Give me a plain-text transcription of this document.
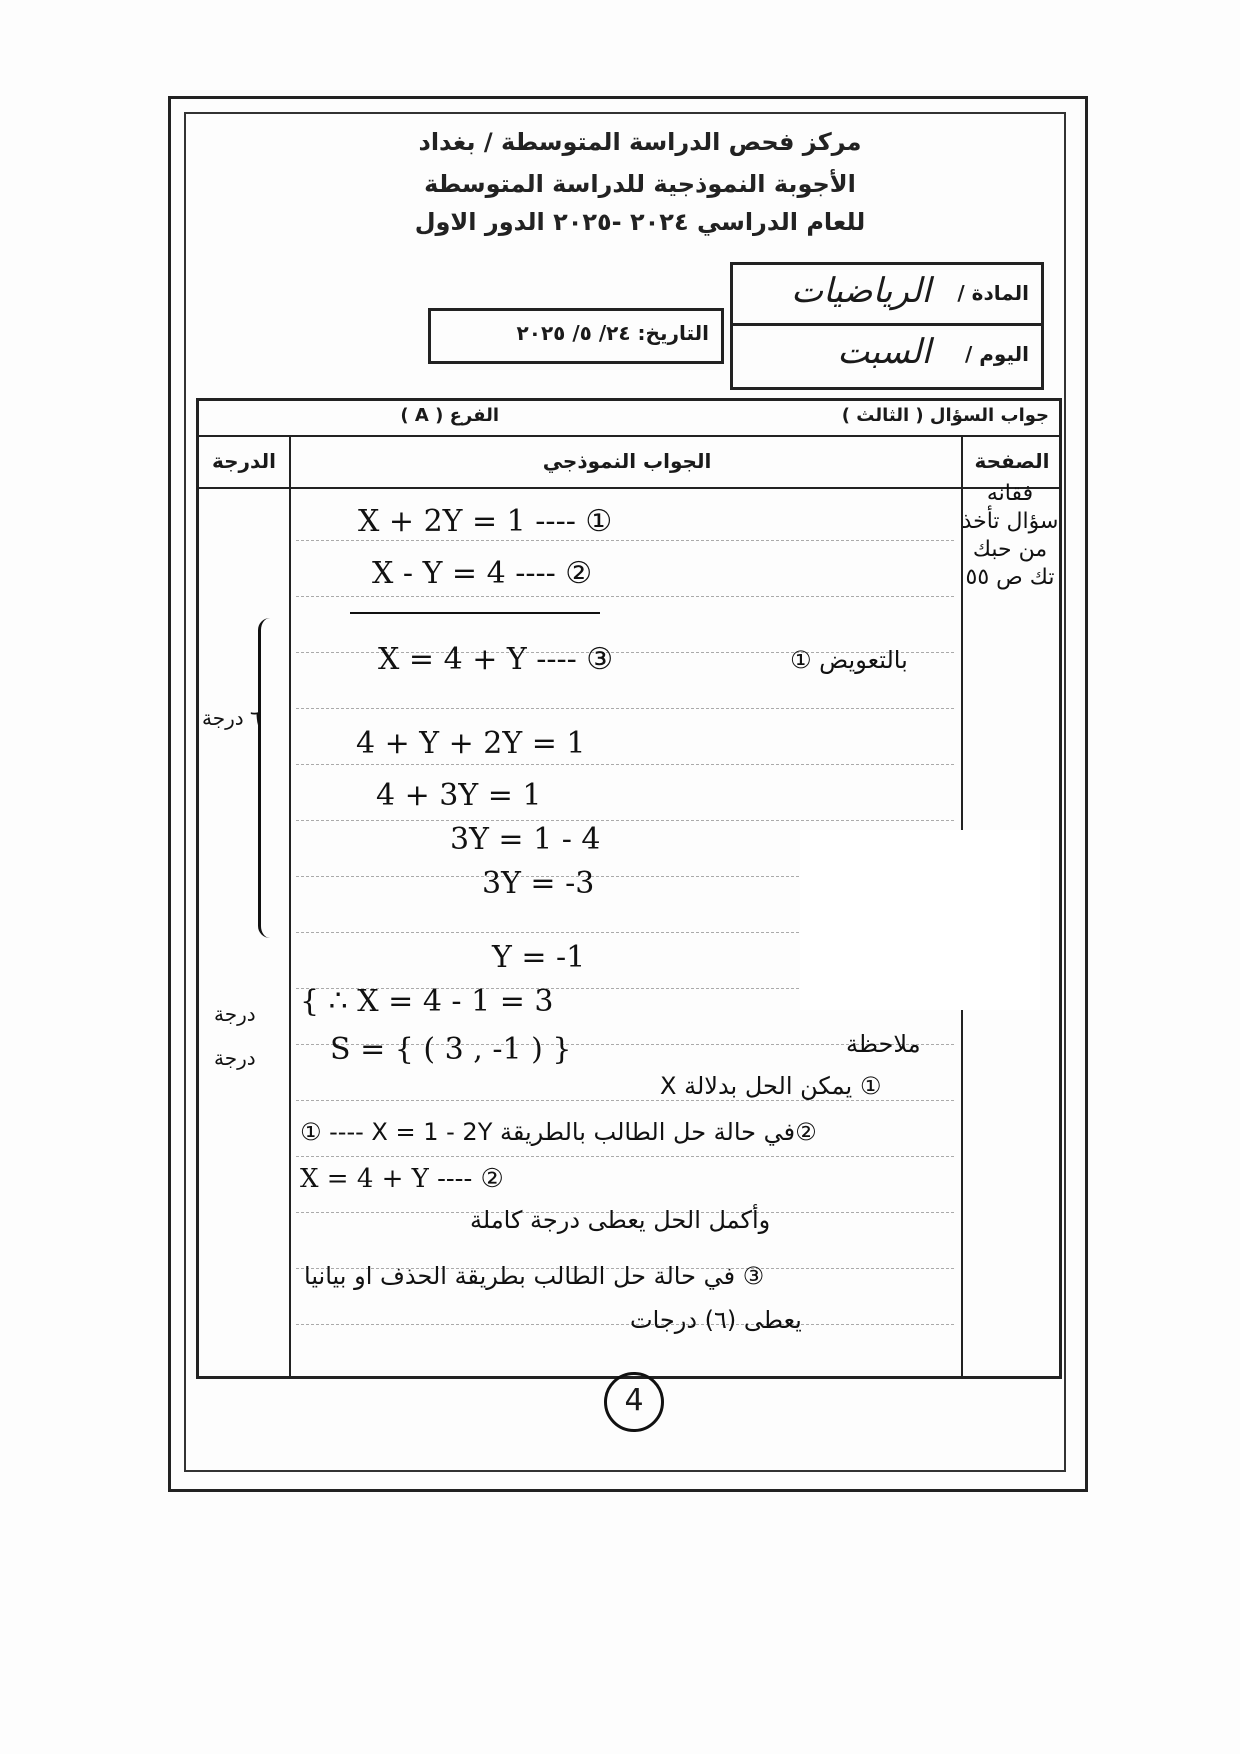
مركز فحص الدراسة المتوسطة / بغداد
الأجوبة النموذجية للدراسة المتوسطة
للعام الدراسي ٢٠٢٤ -٢٠٢٥ الدور الاول
المادة /
الرياضيات
اليوم /
السبت
التاريخ: ٢٤/ ٥/ ٢٠٢٥
جواب السؤال ( الثالث )
الفرع ( A )
الصفحة
الجواب النموذجي
الدرجة
فقانه سؤال تأخذ من حبك تك ص ٥٥
X + 2Y = 1 ---- ①
X - Y = 4 ---- ②
X = 4 + Y ---- ③	بالتعويض ①
4 + Y + 2Y = 1
4 + 3Y = 1
3Y = 1 - 4
3Y = -3
Y = -1
{ ∴ X = 4 - 1 = 3
S = { ( 3 , -1 ) }	ملاحظة
① يمكن الحل بدلالة X
②في حالة حل الطالب بالطريقة X = 1 - 2Y ---- ①
X = 4 + Y ---- ②
وأكمل الحل يعطى درجة كاملة
③ في حالة حل الطالب بطريقة الحذف او بيانيا
يعطى (٦) درجات
٦ درجة
درجة
درجة
4
